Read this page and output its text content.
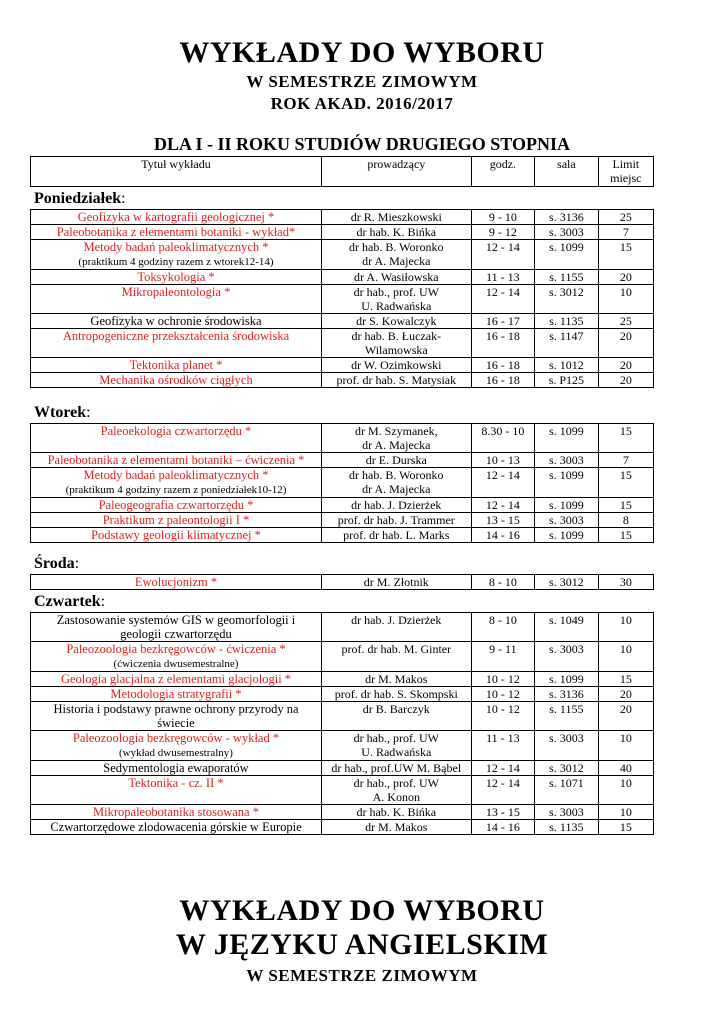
WYKŁADY DO WYBORU
W SEMESTRZE ZIMOWYM
ROK AKAD. 2016/2017
DLA I - II ROKU STUDIÓW DRUGIEGO STOPNIA
Tytuł wykładu	prowadzący	godz.	sala	Limit
miejsc
Poniedziałek:
Geofizyka w kartografii geologicznej *	dr R. Mieszkowski	9 - 10	s. 3136	25
Paleobotanika z elementami botaniki - wykład*	dr hab. K. Bińka	9 - 12	s. 3003	7
Metody badań paleoklimatycznych *
(praktikum 4 godziny razem z wtorek12-14)	dr hab. B. Woronko
dr A. Majecka	12 - 14	s. 1099	15
Toksykologia *	dr A. Wasiłowska	11 - 13	s. 1155	20
Mikropaleontologia *	dr hab., prof. UW
U. Radwańska	12 - 14	s. 3012	10
Geofizyka w ochronie środowiska	dr S. Kowalczyk	16 - 17	s. 1135	25
Antropogeniczne przekształcenia środowiska	dr hab. B. Łuczak-
Wilamowska	16 - 18	s. 1147	20
Tektonika planet *	dr W. Ozimkowski	16 - 18	s. 1012	20
Mechanika ośrodków ciągłych	prof. dr hab. S. Matysiak	16 - 18	s. P125	20
Wtorek:
Paleoekologia czwartorzędu *	dr M. Szymanek,
dr A. Majecka	8.30 - 10	s. 1099	15
Paleobotanika z elementami botaniki – ćwiczenia *	dr E. Durska	10 - 13	s. 3003	7
Metody badań paleoklimatycznych *
(praktikum 4 godziny razem z poniedziałek10-12)	dr hab. B. Woronko
dr A. Majecka	12 - 14	s. 1099	15
Paleogeografia czwartorzędu *	dr hab. J. Dzierżek	12 - 14	s. 1099	15
Praktikum z paleontologii I *	prof. dr hab. J. Trammer	13 - 15	s. 3003	8
Podstawy geologii klimatycznej *	prof. dr hab. L. Marks	14 - 16	s. 1099	15
Środa:
Ewolucjonizm *	dr M. Złotnik	8 - 10	s. 3012	30
Czwartek:
Zastosowanie systemów GIS w geomorfologii i
geologii czwartorzędu	dr hab. J. Dzierżek	8 - 10	s. 1049	10
Paleozoologia bezkręgowców - ćwiczenia *
(ćwiczenia dwusemestralne)	prof. dr hab. M. Ginter	9 - 11	s. 3003	10
Geologia glacjalna z elementami glacjologii *	dr M. Makos	10 - 12	s. 1099	15
Metodologia stratygrafii *	prof. dr hab. S. Skompski	10 - 12	s. 3136	20
Historia i podstawy prawne ochrony przyrody na
świecie	dr B. Barczyk	10 - 12	s. 1155	20
Paleozoologia bezkręgowców - wykład *
(wykład dwusemestralny)	dr hab., prof. UW
U. Radwańska	11 - 13	s. 3003	10
Sedymentologia ewaporatów	dr hab., prof.UW M. Bąbel	12 - 14	s. 3012	40
Tektonika - cz. II *	dr hab., prof. UW
A. Konon	12 - 14	s. 1071	10
Mikropaleobotanika stosowana *	dr hab. K. Bińka	13 - 15	s. 3003	10
Czwartorzędowe zlodowacenia górskie w Europie	dr M. Makos	14 - 16	s. 1135	15
WYKŁADY DO WYBORU
W JĘZYKU ANGIELSKIM
W SEMESTRZE ZIMOWYM
